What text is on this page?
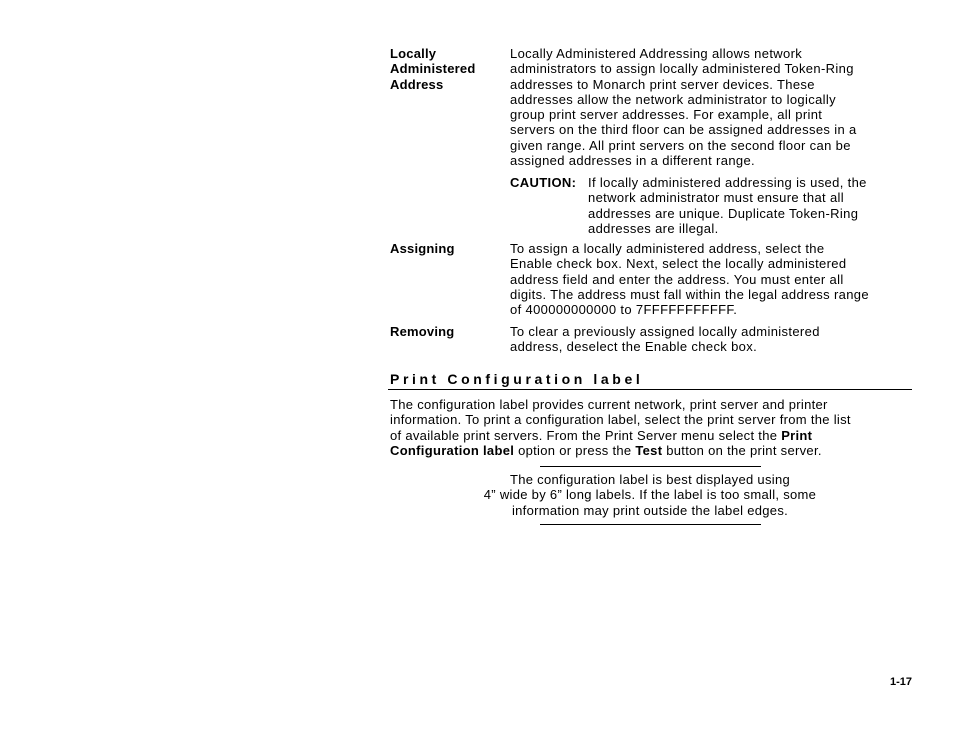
Locally
Administered
Address
Locally Administered Addressing allows network
administrators to assign locally administered Token-Ring
addresses to Monarch print server devices. These
addresses allow the network administrator to logically
group print server addresses. For example, all print
servers on the third floor can be assigned addresses in a
given range. All print servers on the second floor can be
assigned addresses in a different range.
CAUTION: If locally administered addressing is used, the
network administrator must ensure that all
addresses are unique. Duplicate Token-Ring
addresses are illegal.
Assigning	To assign a locally administered address, select the
Enable check box. Next, select the locally administered
address field and enter the address. You must enter all
digits. The address must fall within the legal address range
of 400000000000 to 7FFFFFFFFFFF.
Removing	To clear a previously assigned locally administered
address, deselect the Enable check box.
Print Configuration label
The configuration label provides current network, print server and printer
information. To print a configuration label, select the print server from the list
of available print servers. From the Print Server menu select the Print
Configuration label option or press the Test button on the print server.
The configuration label is best displayed using
4” wide by 6” long labels. If the label is too small, some
information may print outside the label edges.
1-17
